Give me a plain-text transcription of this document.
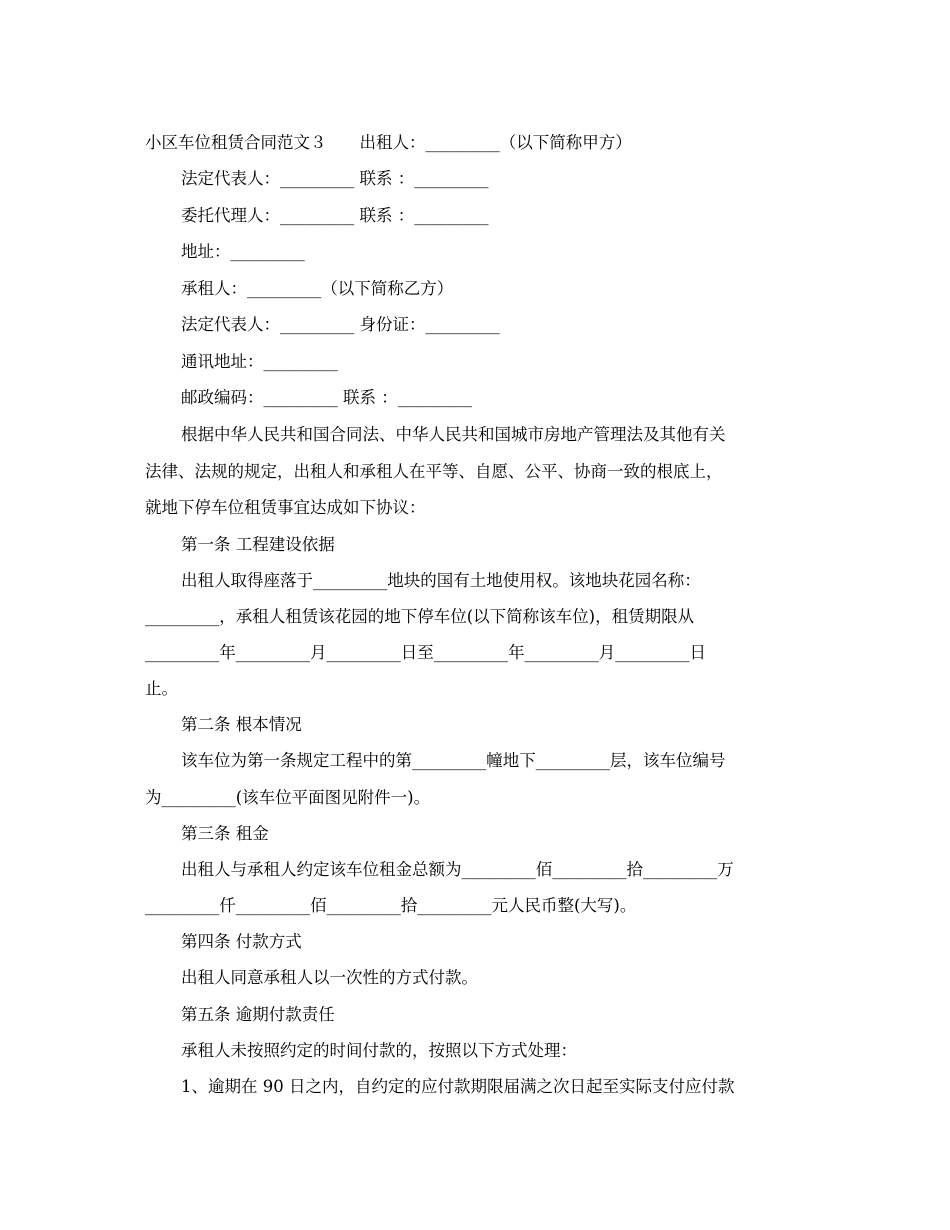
小区车位租赁合同范文３　　出租人：_________（以下简称甲方）
法定代表人：_________ 联系 ：_________
委托代理人：_________ 联系 ：_________
地址：_________
承租人：_________（以下简称乙方）
法定代表人：_________ 身份证：_________
通讯地址：_________
邮政编码：_________ 联系 ：_________
根据中华人民共和国合同法、中华人民共和国城市房地产管理法及其他有关
法律、法规的规定，出租人和承租人在平等、自愿、公平、协商一致的根底上，
就地下停车位租赁事宜达成如下协议：
第一条 工程建设依据
出租人取得座落于_________地块的国有土地使用权。该地块花园名称：
_________，承租人租赁该花园的地下停车位(以下简称该车位)，租赁期限从
_________年_________月_________日至_________年_________月_________日
止。
第二条 根本情况
该车位为第一条规定工程中的第_________幢地下_________层，该车位编号
为_________(该车位平面图见附件一)。
第三条 租金
出租人与承租人约定该车位租金总额为_________佰_________拾_________万
_________仟_________佰_________拾_________元人民币整(大写)。
第四条 付款方式
出租人同意承租人以一次性的方式付款。
第五条 逾期付款责任
承租人未按照约定的时间付款的，按照以下方式处理：
1、逾期在 90 日之内，自约定的应付款期限届满之次日起至实际支付应付款
